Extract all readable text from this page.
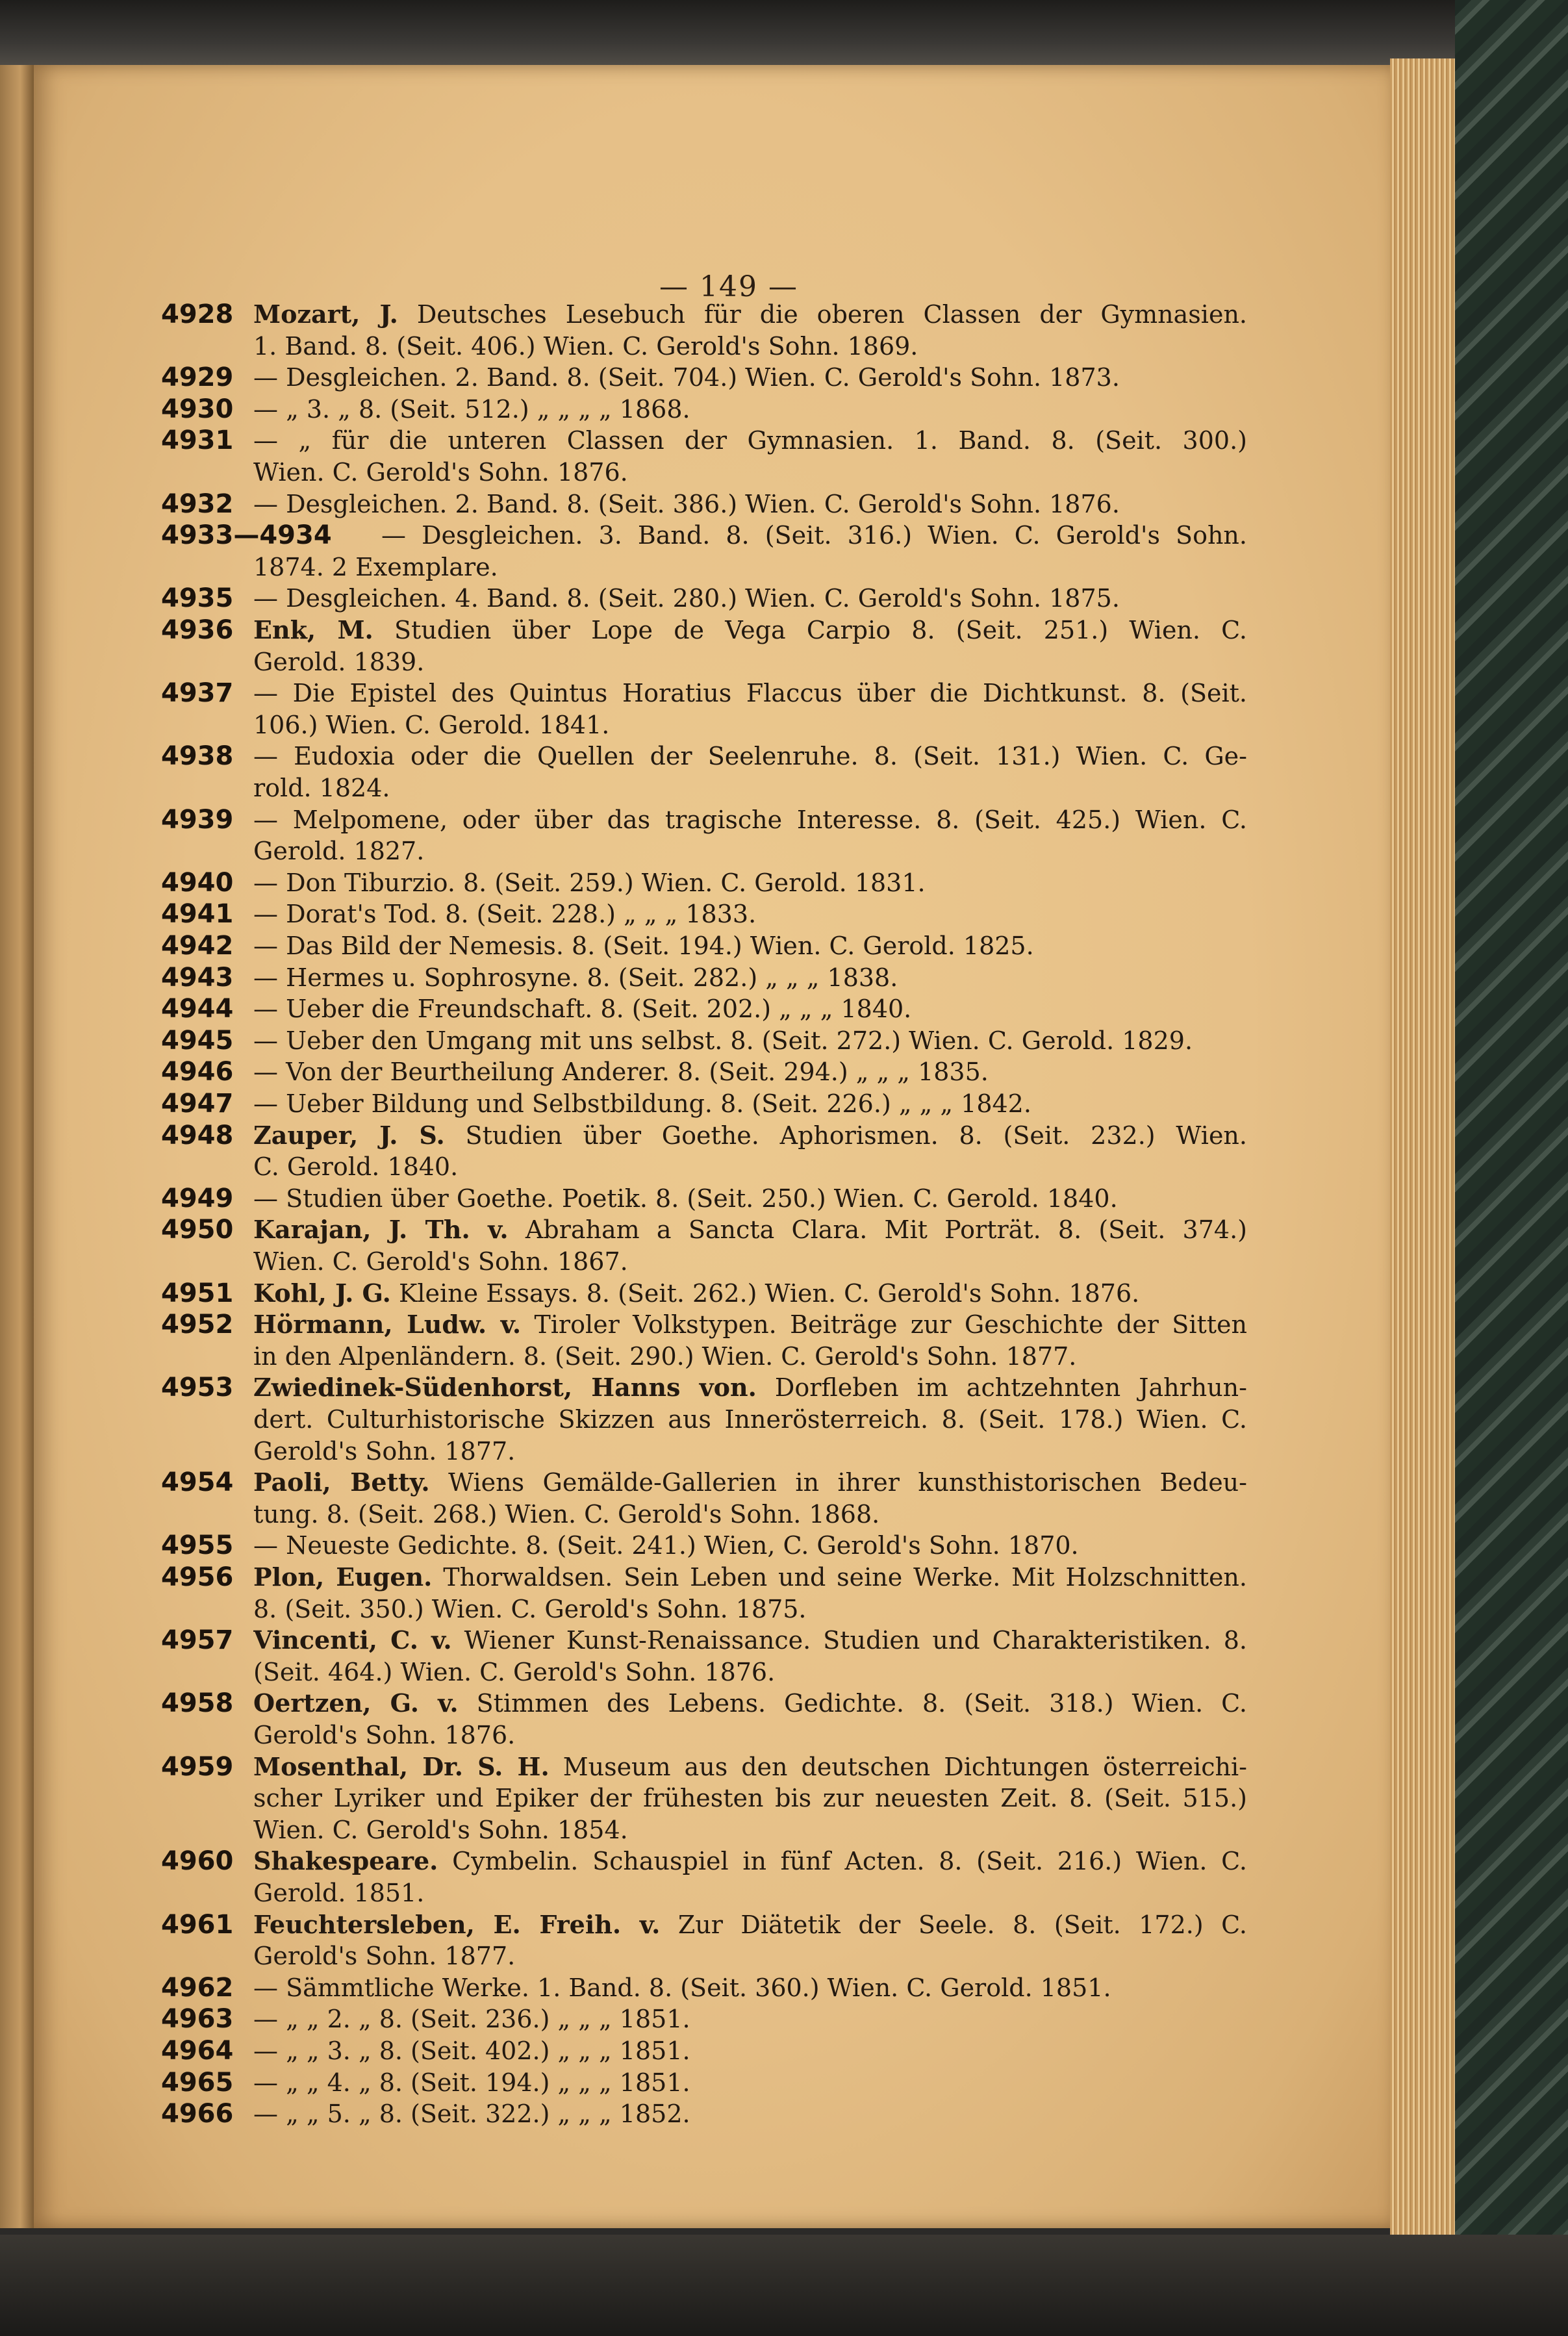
— 149 —
4928 Mozart, J. Deutsches Lesebuch für die oberen Classen der Gymnasien.
1. Band. 8. (Seit. 406.) Wien. C. Gerold's Sohn. 1869.
4929 — Desgleichen. 2. Band. 8. (Seit. 704.) Wien. C. Gerold's Sohn. 1873.
4930 — „ 3. „ 8. (Seit. 512.) „ „ „ „ 1868.
4931 — „ für die unteren Classen der Gymnasien. 1. Band. 8. (Seit. 300.)
Wien. C. Gerold's Sohn. 1876.
4932 — Desgleichen. 2. Band. 8. (Seit. 386.) Wien. C. Gerold's Sohn. 1876.
4933—4934	— Desgleichen. 3. Band. 8. (Seit. 316.) Wien. C. Gerold's Sohn.
1874. 2 Exemplare.
4935 — Desgleichen. 4. Band. 8. (Seit. 280.) Wien. C. Gerold's Sohn. 1875.
4936 Enk, M. Studien über Lope de Vega Carpio 8. (Seit. 251.) Wien. C.
Gerold. 1839.
4937 — Die Epistel des Quintus Horatius Flaccus über die Dichtkunst. 8. (Seit.
106.) Wien. C. Gerold. 1841.
4938 — Eudoxia oder die Quellen der Seelenruhe. 8. (Seit. 131.) Wien. C. Ge-
rold. 1824.
4939 — Melpomene, oder über das tragische Interesse. 8. (Seit. 425.) Wien. C.
Gerold. 1827.
4940 — Don Tiburzio. 8. (Seit. 259.) Wien. C. Gerold. 1831.
4941 — Dorat's Tod. 8. (Seit. 228.) „ „ „ 1833.
4942 — Das Bild der Nemesis. 8. (Seit. 194.) Wien. C. Gerold. 1825.
4943 — Hermes u. Sophrosyne. 8. (Seit. 282.) „ „ „ 1838.
4944 — Ueber die Freundschaft. 8. (Seit. 202.) „ „ „ 1840.
4945 — Ueber den Umgang mit uns selbst. 8. (Seit. 272.) Wien. C. Gerold. 1829.
4946 — Von der Beurtheilung Anderer. 8. (Seit. 294.) „ „ „ 1835.
4947 — Ueber Bildung und Selbstbildung. 8. (Seit. 226.) „ „ „ 1842.
4948 Zauper, J. S. Studien über Goethe. Aphorismen. 8. (Seit. 232.) Wien.
C. Gerold. 1840.
4949 — Studien über Goethe. Poetik. 8. (Seit. 250.) Wien. C. Gerold. 1840.
4950 Karajan, J. Th. v. Abraham a Sancta Clara. Mit Porträt. 8. (Seit. 374.)
Wien. C. Gerold's Sohn. 1867.
4951 Kohl, J. G. Kleine Essays. 8. (Seit. 262.) Wien. C. Gerold's Sohn. 1876.
4952 Hörmann, Ludw. v. Tiroler Volkstypen. Beiträge zur Geschichte der Sitten
in den Alpenländern. 8. (Seit. 290.) Wien. C. Gerold's Sohn. 1877.
4953 Zwiedinek-Südenhorst, Hanns von. Dorfleben im achtzehnten Jahrhun-
dert. Culturhistorische Skizzen aus Innerösterreich. 8. (Seit. 178.) Wien. C.
Gerold's Sohn. 1877.
4954 Paoli, Betty. Wiens Gemälde-Gallerien in ihrer kunsthistorischen Bedeu-
tung. 8. (Seit. 268.) Wien. C. Gerold's Sohn. 1868.
4955 — Neueste Gedichte. 8. (Seit. 241.) Wien, C. Gerold's Sohn. 1870.
4956 Plon, Eugen. Thorwaldsen. Sein Leben und seine Werke. Mit Holzschnitten.
8. (Seit. 350.) Wien. C. Gerold's Sohn. 1875.
4957 Vincenti, C. v. Wiener Kunst-Renaissance. Studien und Charakteristiken. 8.
(Seit. 464.) Wien. C. Gerold's Sohn. 1876.
4958 Oertzen, G. v. Stimmen des Lebens. Gedichte. 8. (Seit. 318.) Wien. C.
Gerold's Sohn. 1876.
4959 Mosenthal, Dr. S. H. Museum aus den deutschen Dichtungen österreichi-
scher Lyriker und Epiker der frühesten bis zur neuesten Zeit. 8. (Seit. 515.)
Wien. C. Gerold's Sohn. 1854.
4960 Shakespeare. Cymbelin. Schauspiel in fünf Acten. 8. (Seit. 216.) Wien. C.
Gerold. 1851.
4961 Feuchtersleben, E. Freih. v. Zur Diätetik der Seele. 8. (Seit. 172.) C.
Gerold's Sohn. 1877.
4962 — Sämmtliche Werke. 1. Band. 8. (Seit. 360.) Wien. C. Gerold. 1851.
4963 — „ „ 2. „ 8. (Seit. 236.) „ „ „ 1851.
4964 — „ „ 3. „ 8. (Seit. 402.) „ „ „ 1851.
4965 — „ „ 4. „ 8. (Seit. 194.) „ „ „ 1851.
4966 — „ „ 5. „ 8. (Seit. 322.) „ „ „ 1852.
